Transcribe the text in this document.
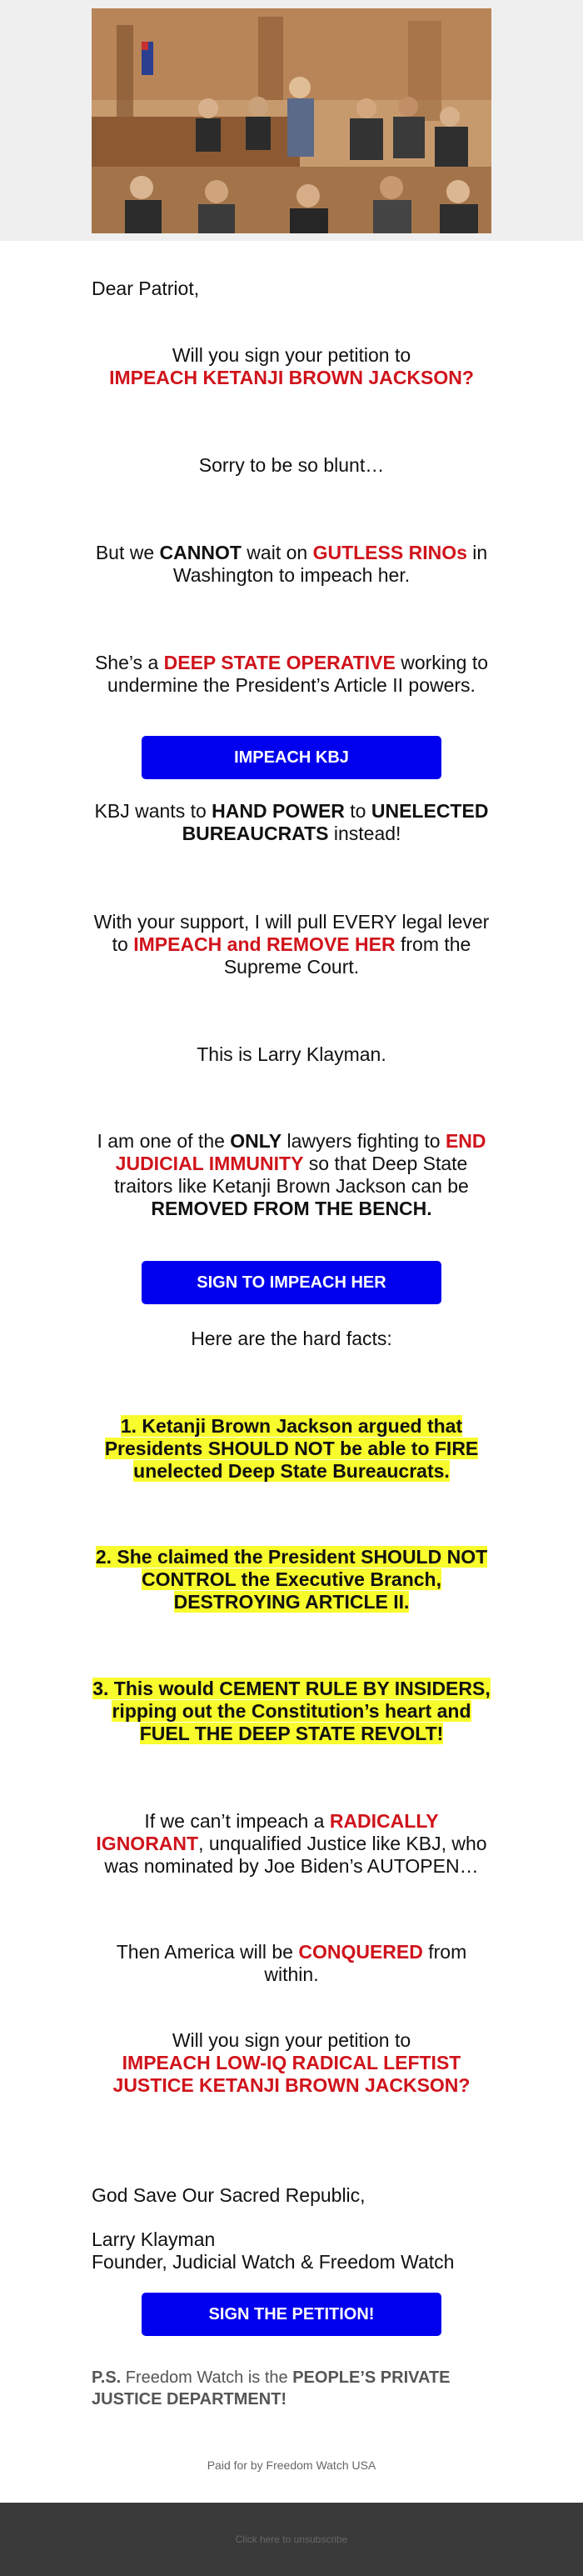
Dear Patriot,

Will you sign your petition to
IMPEACH KETANJI BROWN JACKSON?

Sorry to be so blunt…

But we CANNOT wait on GUTLESS RINOs in Washington to impeach her.

She’s a DEEP STATE OPERATIVE working to undermine the President’s Article II powers.

IMPEACH KBJ

KBJ wants to HAND POWER to UNELECTED BUREAUCRATS instead!

With your support, I will pull EVERY legal lever to IMPEACH and REMOVE HER from the Supreme Court.

This is Larry Klayman.

I am one of the ONLY lawyers fighting to END JUDICIAL IMMUNITY so that Deep State traitors like Ketanji Brown Jackson can be REMOVED FROM THE BENCH.

SIGN TO IMPEACH HER

Here are the hard facts:

1. Ketanji Brown Jackson argued that Presidents SHOULD NOT be able to FIRE unelected Deep State Bureaucrats.

2. She claimed the President SHOULD NOT CONTROL the Executive Branch, DESTROYING ARTICLE II.

3. This would CEMENT RULE BY INSIDERS, ripping out the Constitution’s heart and FUEL THE DEEP STATE REVOLT!

If we can’t impeach a RADICALLY IGNORANT, unqualified Justice like KBJ, who was nominated by Joe Biden’s AUTOPEN…

Then America will be CONQUERED from within.

Will you sign your petition to
IMPEACH LOW-IQ RADICAL LEFTIST JUSTICE KETANJI BROWN JACKSON?

God Save Our Sacred Republic,

Larry Klayman
Founder, Judicial Watch & Freedom Watch

SIGN THE PETITION!

P.S. Freedom Watch is the PEOPLE’S PRIVATE JUSTICE DEPARTMENT!

Paid for by Freedom Watch USA
Click here to unsubscribe
